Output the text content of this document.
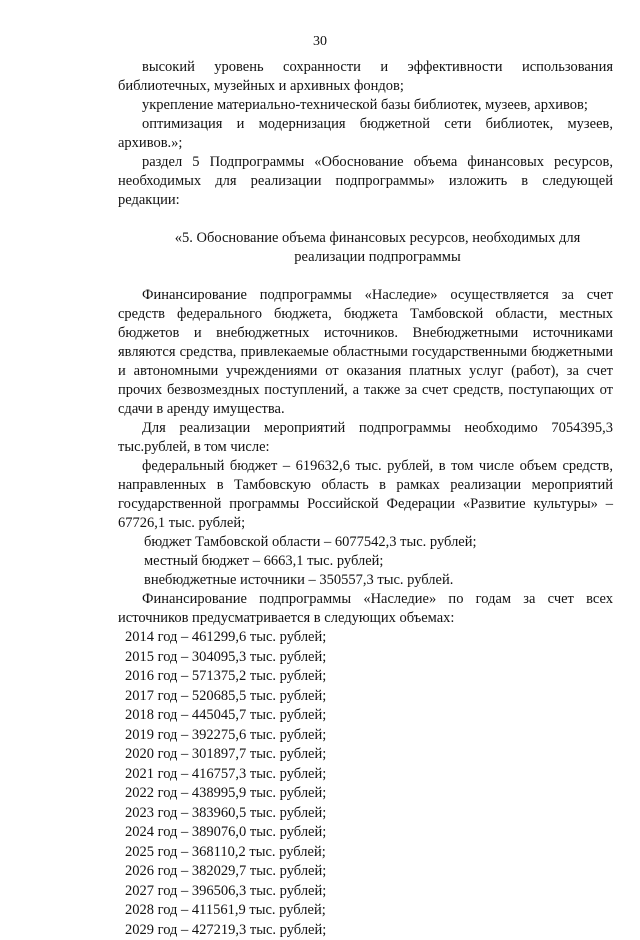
30

высокий уровень сохранности и эффективности использования библиотечных, музейных и архивных фондов;

укрепление материально-технической базы библиотек, музеев, архивов;

оптимизация и модернизация бюджетной сети библиотек, музеев, архивов.»;

раздел 5 Подпрограммы «Обоснование объема финансовых ресурсов, необходимых для реализации подпрограммы» изложить в следующей редакции:

«5. Обоснование объема финансовых ресурсов, необходимых для реализации подпрограммы

Финансирование подпрограммы «Наследие» осуществляется за счет средств федерального бюджета, бюджета Тамбовской области, местных бюджетов и внебюджетных источников. Внебюджетными источниками являются средства, привлекаемые областными государственными бюджетными и автономными учреждениями от оказания платных услуг (работ), за счет прочих безвозмездных поступлений, а также за счет средств, поступающих от сдачи в аренду имущества.

Для реализации мероприятий подпрограммы необходимо 7054395,3 тыс.рублей, в том числе:

федеральный бюджет – 619632,6 тыс. рублей, в том числе объем средств, направленных в Тамбовскую область в рамках реализации мероприятий государственной программы Российской Федерации «Развитие культуры» – 67726,1 тыс. рублей;

бюджет Тамбовской области – 6077542,3 тыс. рублей;

местный бюджет – 6663,1 тыс. рублей;

внебюджетные источники – 350557,3 тыс. рублей.

Финансирование подпрограммы «Наследие» по годам за счет всех источников предусматривается в следующих объемах:

2014 год – 461299,6 тыс. рублей;
2015 год – 304095,3 тыс. рублей;
2016 год – 571375,2 тыс. рублей;
2017 год – 520685,5 тыс. рублей;
2018 год – 445045,7 тыс. рублей;
2019 год – 392275,6 тыс. рублей;
2020 год – 301897,7 тыс. рублей;
2021 год – 416757,3 тыс. рублей;
2022 год – 438995,9 тыс. рублей;
2023 год – 383960,5 тыс. рублей;
2024 год – 389076,0 тыс. рублей;
2025 год – 368110,2 тыс. рублей;
2026 год – 382029,7 тыс. рублей;
2027 год – 396506,3 тыс. рублей;
2028 год – 411561,9 тыс. рублей;
2029 год – 427219,3 тыс. рублей;
